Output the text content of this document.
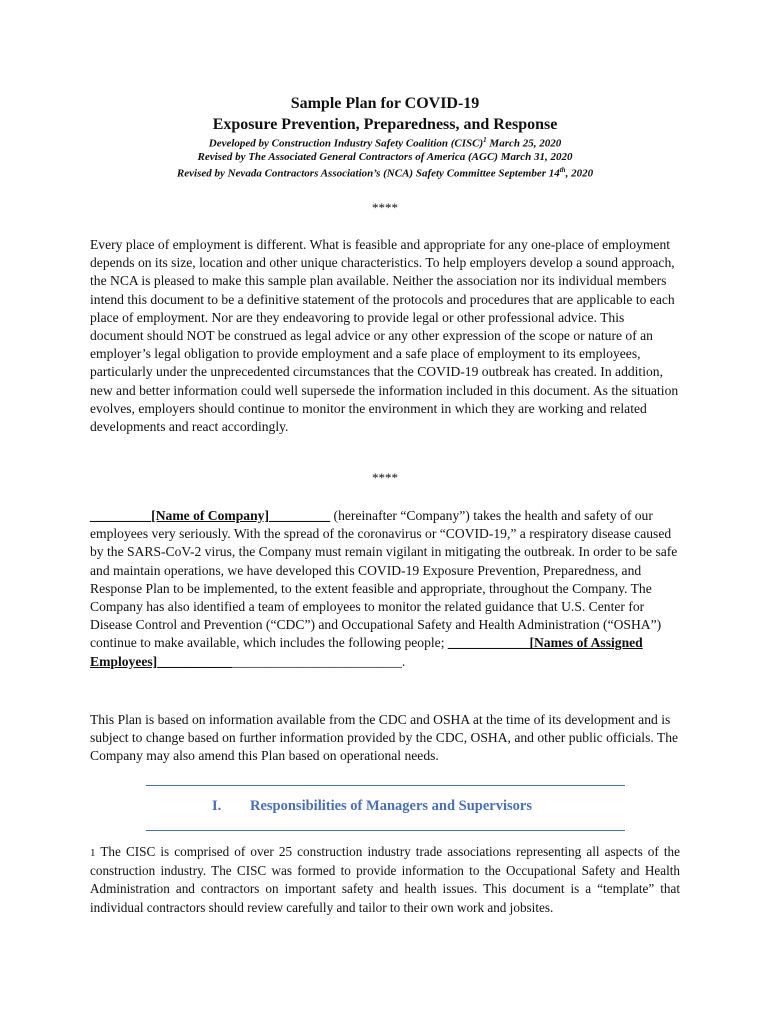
Sample Plan for COVID-19
Exposure Prevention, Preparedness, and Response
Developed by Construction Industry Safety Coalition (CISC)$^1$ March 25, 2020
Revised by The Associated General Contractors of America (AGC) March 31, 2020
Revised by Nevada Contractors Association’s (NCA) Safety Committee September 14th, 2020
****
Every place of employment is different. What is feasible and appropriate for any one-place of employment depends on its size, location and other unique characteristics. To help employers develop a sound approach, the NCA is pleased to make this sample plan available. Neither the association nor its individual members intend this document to be a definitive statement of the protocols and procedures that are applicable to each place of employment. Nor are they endeavoring to provide legal or other professional advice. This document should NOT be construed as legal advice or any other expression of the scope or nature of an employer’s legal obligation to provide employment and a safe place of employment to its employees, particularly under the unprecedented circumstances that the COVID-19 outbreak has created. In addition, new and better information could well supersede the information included in this document. As the situation evolves, employers should continue to monitor the environment in which they are working and related developments and react accordingly.
****
_________[Name of Company]_________ (hereinafter “Company”) takes the health and safety of our employees very seriously. With the spread of the coronavirus or “COVID-19,” a respiratory disease caused by the SARS-CoV-2 virus, the Company must remain vigilant in mitigating the outbreak. In order to be safe and maintain operations, we have developed this COVID-19 Exposure Prevention, Preparedness, and Response Plan to be implemented, to the extent feasible and appropriate, throughout the Company. The Company has also identified a team of employees to monitor the related guidance that U.S. Center for Disease Control and Prevention (“CDC”) and Occupational Safety and Health Administration (“OSHA”) continue to make available, which includes the following people; ____________[Names of Assigned Employees]____________________________________.
This Plan is based on information available from the CDC and OSHA at the time of its development and is subject to change based on further information provided by the CDC, OSHA, and other public officials. The Company may also amend this Plan based on operational needs.
I. Responsibilities of Managers and Supervisors
1 The CISC is comprised of over 25 construction industry trade associations representing all aspects of the construction industry. The CISC was formed to provide information to the Occupational Safety and Health Administration and contractors on important safety and health issues. This document is a “template” that individual contractors should review carefully and tailor to their own work and jobsites.
